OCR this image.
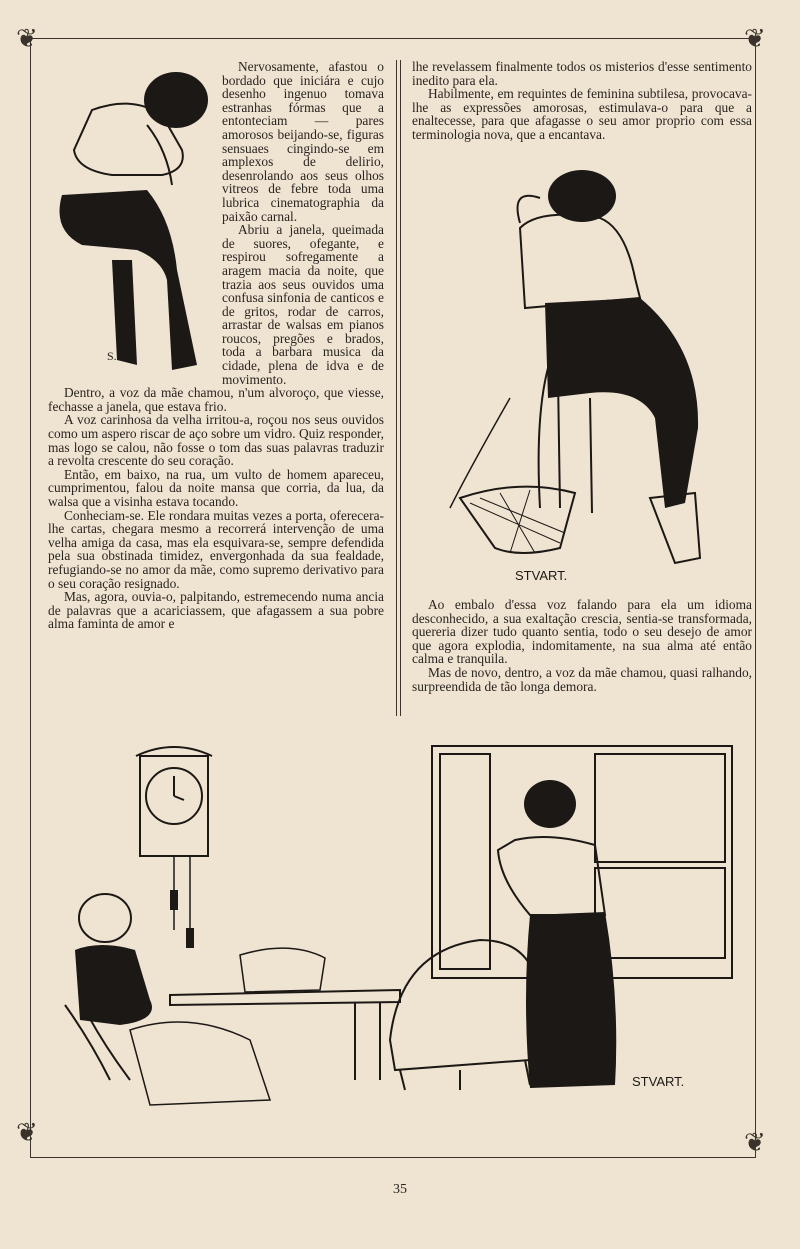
❦	❦
❦	❦

Nervosamente, afastou o bordado que iniciára e cujo desenho ingenuo tomava estranhas fórmas que a entonteciam — pares amorosos beijando-se, figuras sensuaes cingindo-se em amplexos de delirio, desenrolando aos seus olhos vitreos de febre toda uma lubrica cinematographia da paixão carnal.

Abriu a janela, queimada de suores, ofegante, e respirou sofregamente a aragem macia da noite, que trazia aos seus ouvidos uma confusa sinfonia de canticos e de gritos, rodar de carros, arrastar de walsas em pianos roucos, pregões e brados, toda a barbara musica da cidade, plena de idva e de movimento.

Dentro, a voz da mãe chamou, n'um alvoroço, que viesse, fechasse a janela, que estava frio.

A voz carinhosa da velha irritou-a, roçou nos seus ouvidos como um aspero riscar de aço sobre um vidro. Quiz responder, mas logo se calou, não fosse o tom das suas palavras traduzir a revolta crescente do seu coração.

Então, em baixo, na rua, um vulto de homem apareceu, cumprimentou, falou da noite mansa que corria, da lua, da walsa que a visinha estava tocando.

Conheciam-se. Ele rondara muitas vezes a porta, oferecera-lhe cartas, chegara mesmo a recorrerá intervenção de uma velha amiga da casa, mas ela esquivara-se, sempre defendida pela sua obstinada timidez, envergonhada da sua fealdade, refugiando-se no amor da mãe, como supremo derivativo para o seu coração resignado.

Mas, agora, ouvia-o, palpitando, estremecendo numa ancia de palavras que a acariciassem, que afagassem a sua pobre alma faminta de amor e

lhe revelassem finalmente todos os misterios d'esse sentimento inedito para ela.

Habilmente, em requintes de feminina subtilesa, provocava-lhe as expressões amorosas, estimulava-o para que a enaltecesse, para que afagasse o seu amor proprio com essa terminologia nova, que a encantava.

Ao embalo d'essa voz falando para ela um idioma desconhecido, a sua exaltação crescia, sentia-se transformada, quereria dizer tudo quanto sentia, todo o seu desejo de amor que agora explodia, indomitamente, na sua alma até então calma e tranquila.

Mas de novo, dentro, a voz da mãe chamou, quasi ralhando, surpreendida de tão longa demora.

S.
STVART.
STVART.
35
